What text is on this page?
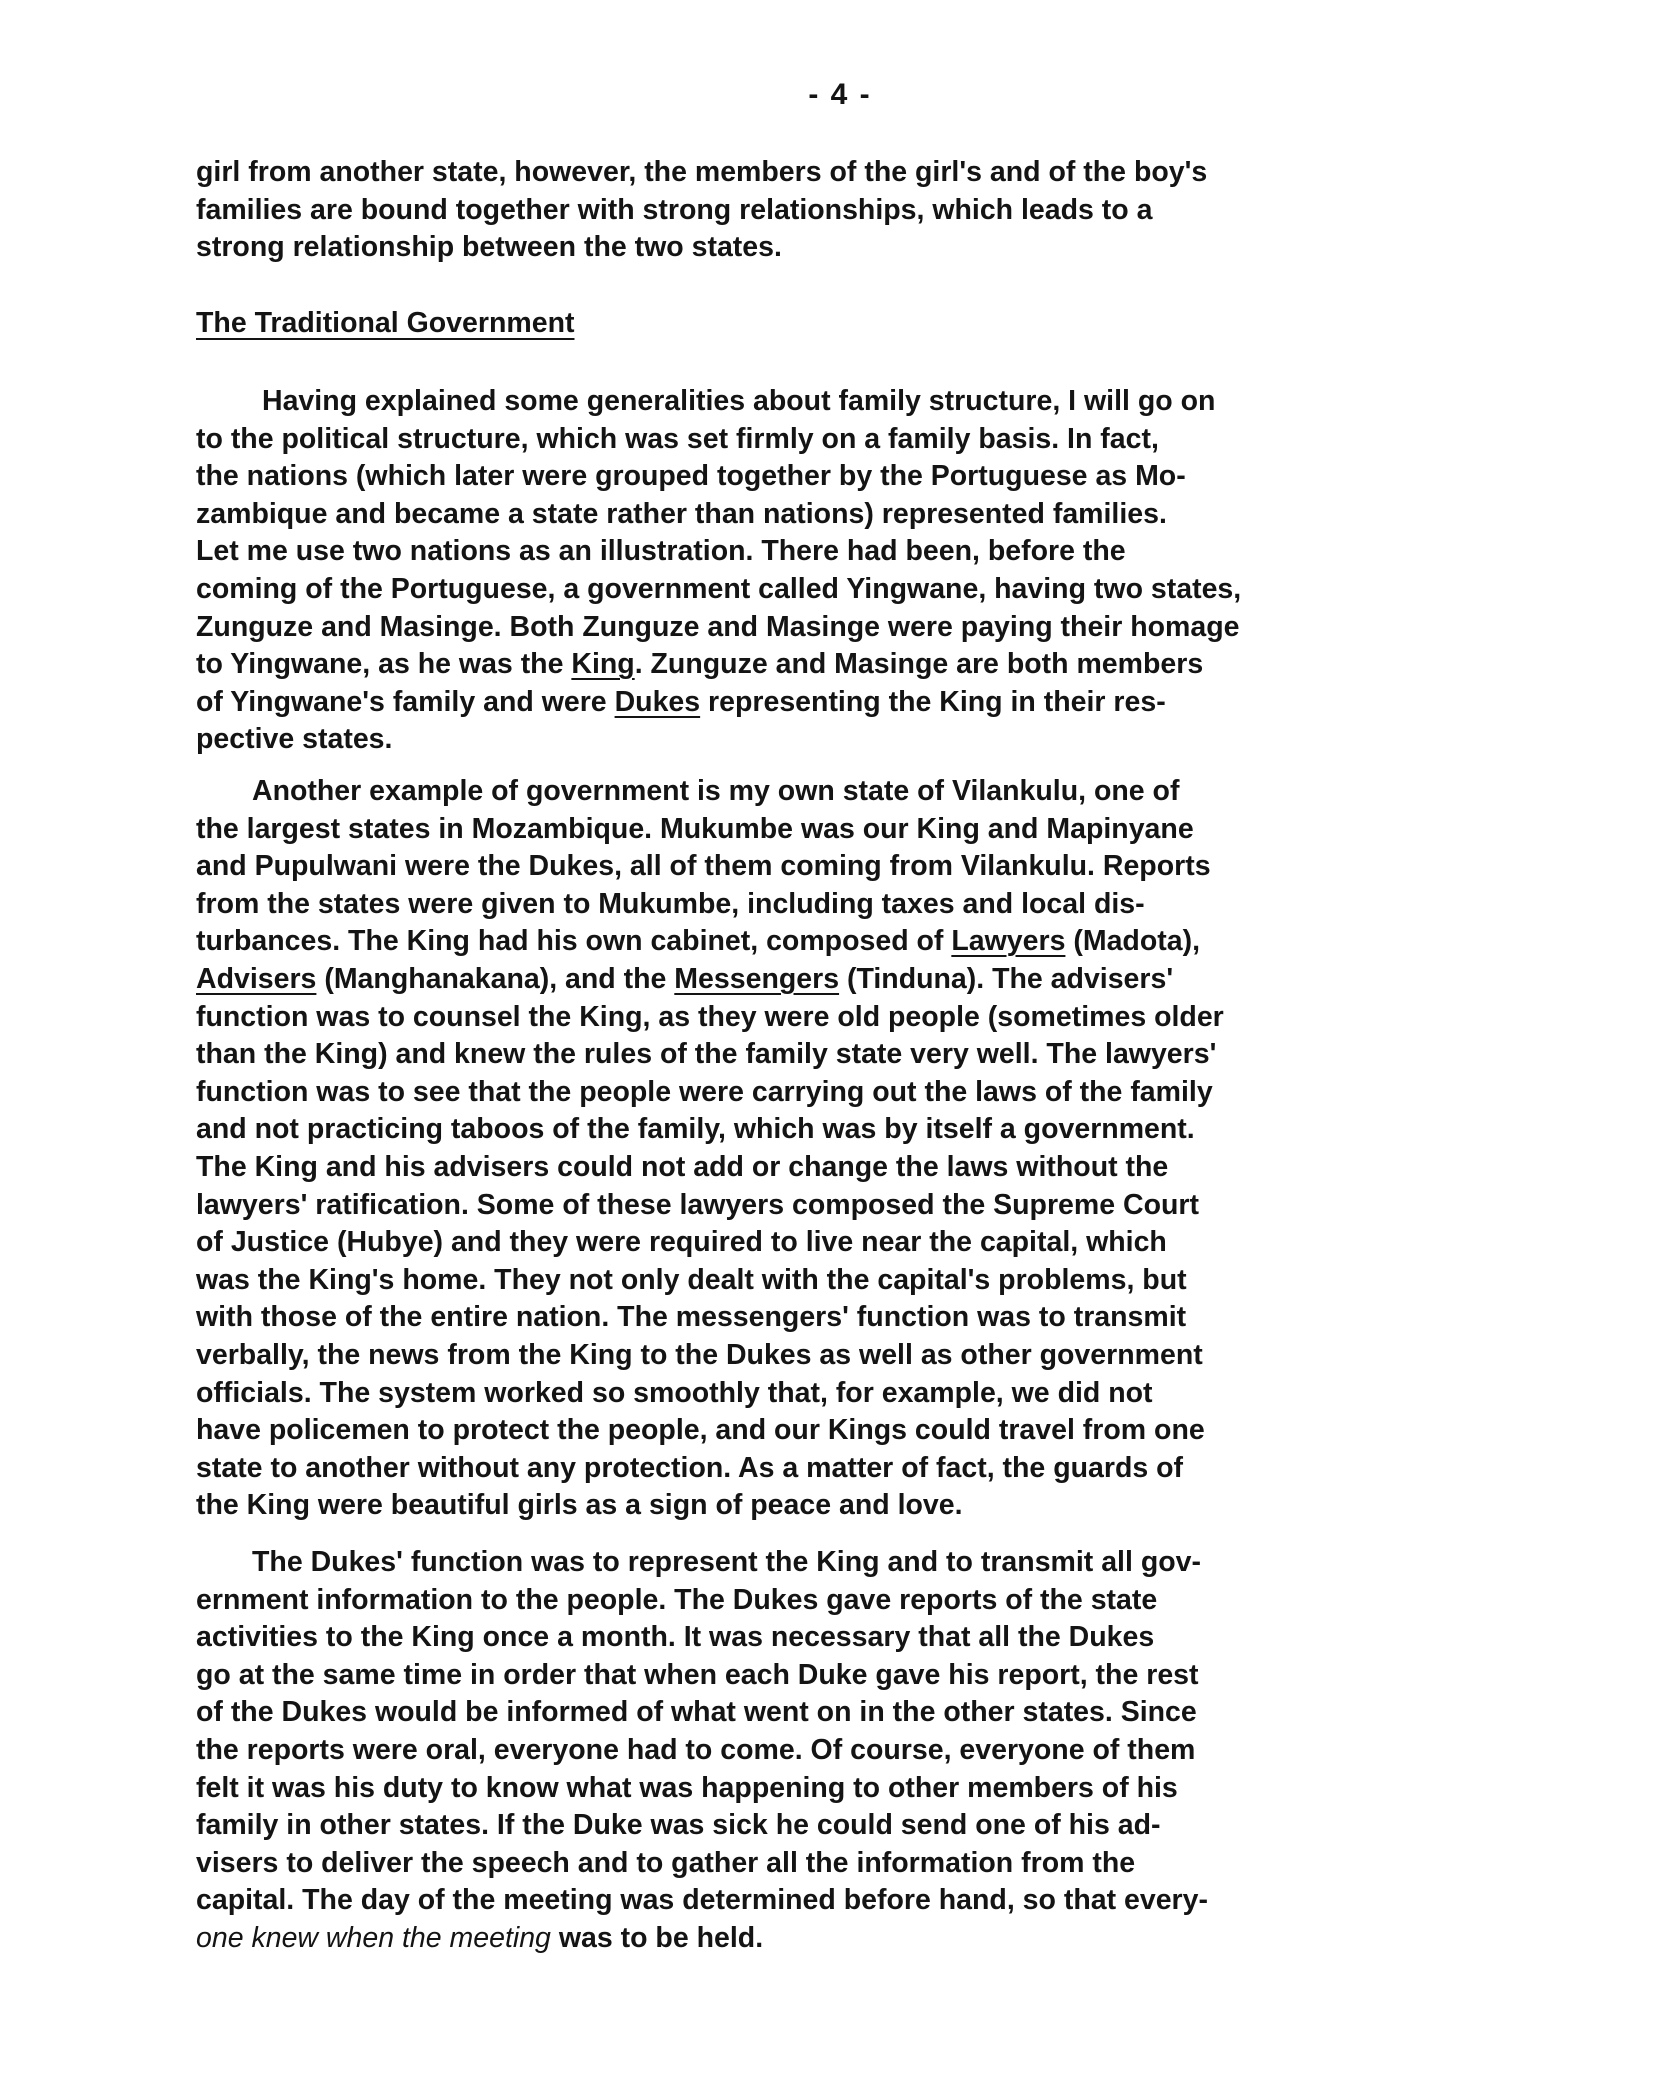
- 4 -
girl from another state, however, the members of the girl's and of the boy's
families are bound together with strong relationships, which leads to a
strong relationship between the two states.
The Traditional Government
Having explained some generalities about family structure, I will go on
to the political structure, which was set firmly on a family basis. In fact,
the nations (which later were grouped together by the Portuguese as Mo-
zambique and became a state rather than nations) represented families.
Let me use two nations as an illustration. There had been, before the
coming of the Portuguese, a government called Yingwane, having two states,
Zunguze and Masinge. Both Zunguze and Masinge were paying their homage
to Yingwane, as he was the King. Zunguze and Masinge are both members
of Yingwane's family and were Dukes representing the King in their res-
pective states.
Another example of government is my own state of Vilankulu, one of
the largest states in Mozambique. Mukumbe was our King and Mapinyane
and Pupulwani were the Dukes, all of them coming from Vilankulu. Reports
from the states were given to Mukumbe, including taxes and local dis-
turbances. The King had his own cabinet, composed of Lawyers (Madota),
Advisers (Manghanakana), and the Messengers (Tinduna). The advisers'
function was to counsel the King, as they were old people (sometimes older
than the King) and knew the rules of the family state very well. The lawyers'
function was to see that the people were carrying out the laws of the family
and not practicing taboos of the family, which was by itself a government.
The King and his advisers could not add or change the laws without the
lawyers' ratification. Some of these lawyers composed the Supreme Court
of Justice (Hubye) and they were required to live near the capital, which
was the King's home. They not only dealt with the capital's problems, but
with those of the entire nation. The messengers' function was to transmit
verbally, the news from the King to the Dukes as well as other government
officials. The system worked so smoothly that, for example, we did not
have policemen to protect the people, and our Kings could travel from one
state to another without any protection. As a matter of fact, the guards of
the King were beautiful girls as a sign of peace and love.
The Dukes' function was to represent the King and to transmit all gov-
ernment information to the people. The Dukes gave reports of the state
activities to the King once a month. It was necessary that all the Dukes
go at the same time in order that when each Duke gave his report, the rest
of the Dukes would be informed of what went on in the other states. Since
the reports were oral, everyone had to come. Of course, everyone of them
felt it was his duty to know what was happening to other members of his
family in other states. If the Duke was sick he could send one of his ad-
visers to deliver the speech and to gather all the information from the
capital. The day of the meeting was determined before hand, so that every-
one knew when the meeting was to be held.
